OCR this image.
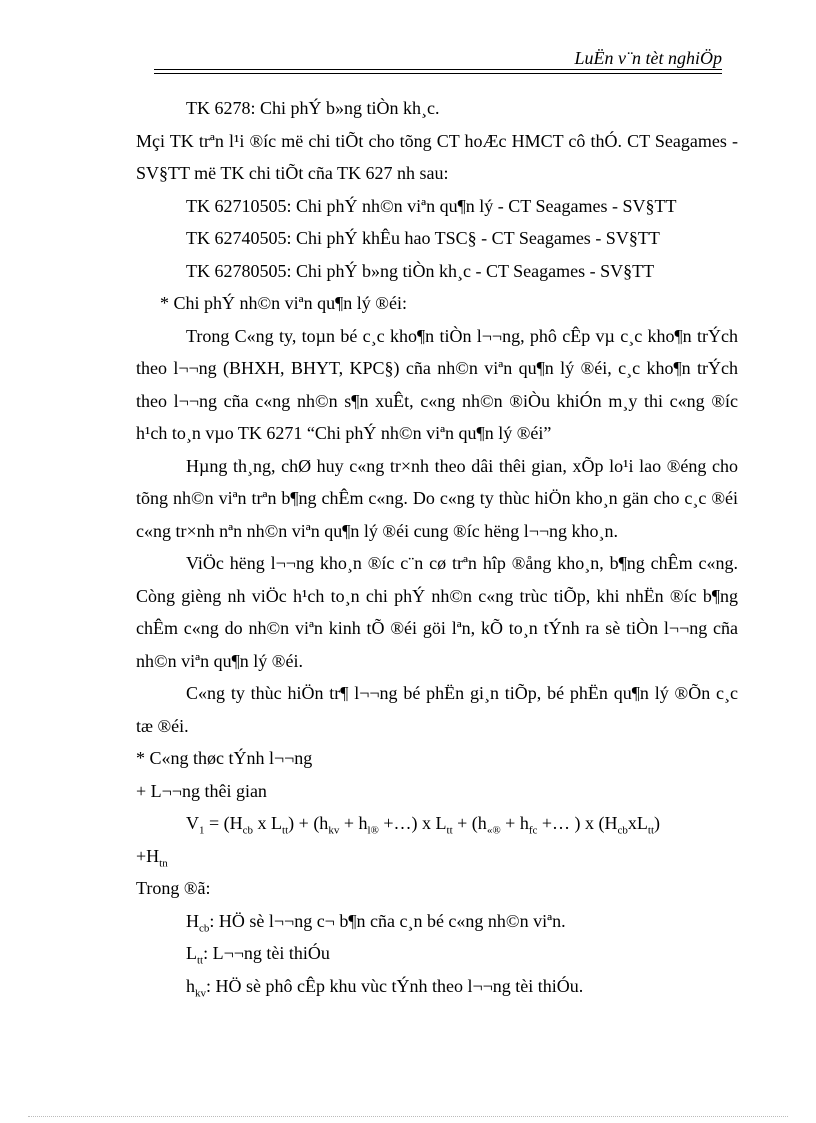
LuËn v¨n tèt nghiÖp

TK 6278: Chi phÝ b»ng tiÒn kh¸c.

Mçi TK trªn l¹i ®íc më chi tiÕt cho tõng CT hoÆc HMCT cô thÓ. CT Seagames - SV§TT më TK chi tiÕt cña TK 627 nh sau:

TK 62710505: Chi phÝ nh©n viªn qu¶n lý - CT Seagames - SV§TT

TK 62740505: Chi phÝ khÊu hao TSC§ - CT Seagames - SV§TT

TK 62780505: Chi phÝ b»ng tiÒn kh¸c - CT Seagames - SV§TT

* Chi phÝ nh©n viªn qu¶n lý ®éi:

Trong C«ng ty, toµn bé c¸c kho¶n tiÒn l¬¬ng, phô cÊp vµ c¸c kho¶n trÝch theo l¬¬ng (BHXH, BHYT, KPC§) cña nh©n viªn qu¶n lý ®éi, c¸c kho¶n trÝch theo l¬¬ng cña c«ng nh©n s¶n xuÊt, c«ng nh©n ®iÒu khiÓn m¸y thi c«ng ®íc h¹ch to¸n vµo TK 6271 “Chi phÝ nh©n viªn qu¶n lý ®éi”

Hµng th¸ng, chØ huy c«ng tr×nh theo dâi thêi gian, xÕp lo¹i lao ®éng cho tõng nh©n viªn trªn b¶ng chÊm c«ng. Do c«ng ty thùc hiÖn kho¸n gän cho c¸c ®éi c«ng tr×nh nªn nh©n viªn qu¶n lý ®éi cung ®íc hëng l¬¬ng kho¸n.

ViÖc hëng l¬¬ng kho¸n ®íc c¨n cø trªn hîp ®ång kho¸n, b¶ng chÊm c«ng. Còng gièng nh viÖc h¹ch to¸n chi phÝ nh©n c«ng trùc tiÕp, khi nhËn ®íc b¶ng chÊm c«ng do nh©n viªn kinh tÕ ®éi göi lªn, kÕ to¸n tÝnh ra sè tiÒn l¬¬ng cña nh©n viªn qu¶n lý ®éi.

C«ng ty thùc hiÖn tr¶ l¬¬ng bé phËn gi¸n tiÕp, bé phËn qu¶n lý ®Õn c¸c tæ ®éi.

* C«ng thøc tÝnh l¬¬ng

+ L¬¬ng thêi gian

$V_1 = (H_{cb}$ x $L_{tt}) + (h_{kv} + h_{l®}$ +…) x $L_{tt} + (h_{«®} + h_{fc}$ +… ) x $(H_{cb}xL_{tt})$

$+H_{tn}$

Trong ®ã:

$H_{cb}$: HÖ sè l¬¬ng c¬ b¶n cña c¸n bé c«ng nh©n viªn.

$L_{tt}$: L¬¬ng tèi thiÓu

$h_{kv}$: HÖ sè phô cÊp khu vùc tÝnh theo l¬¬ng tèi thiÓu.
